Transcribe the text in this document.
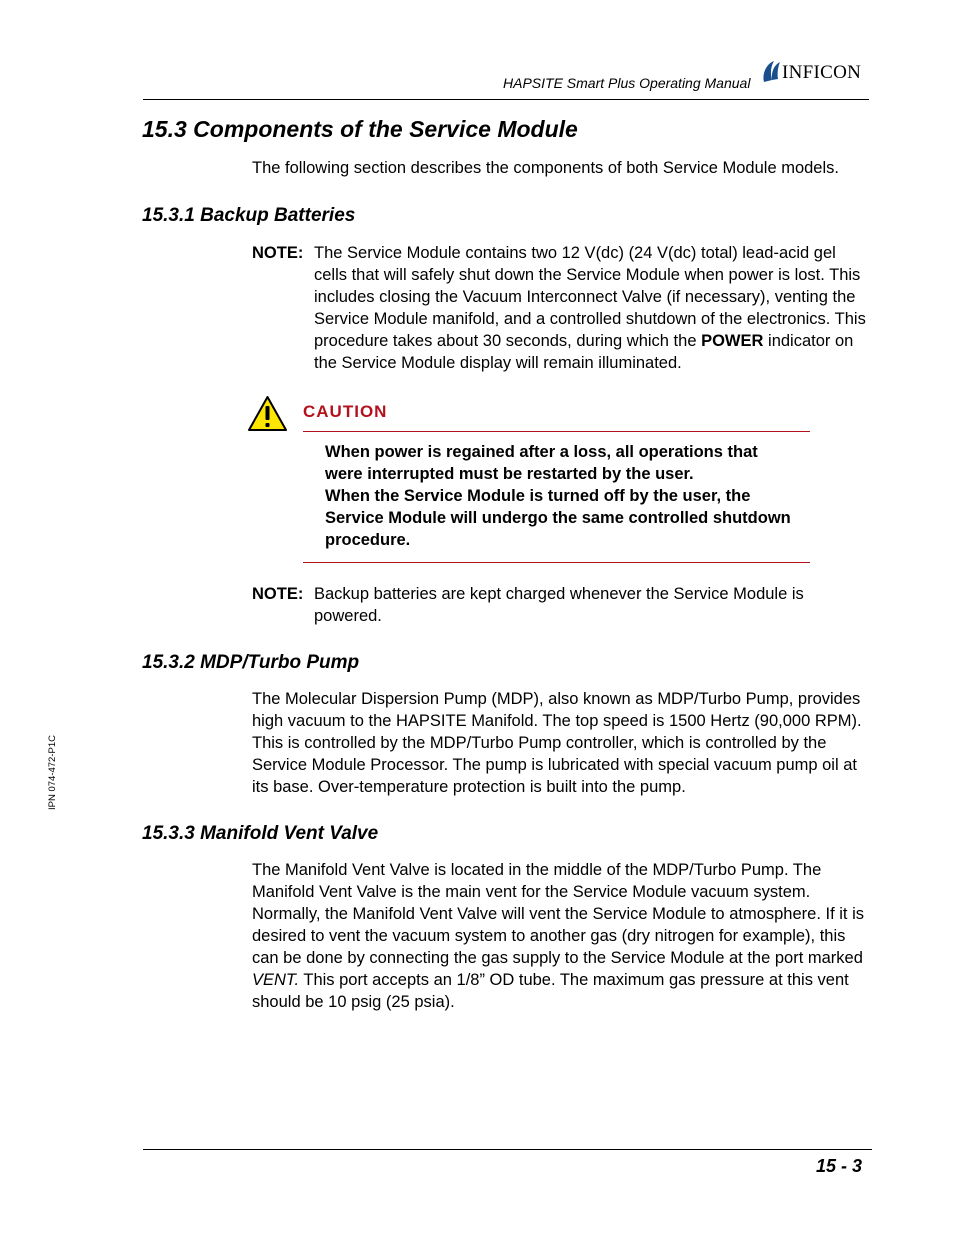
HAPSITE Smart Plus Operating Manual INFICON
15.3 Components of the Service Module

The following section describes the components of both Service Module models.

15.3.1 Backup Batteries
NOTE: The Service Module contains two 12 V(dc) (24 V(dc) total) lead-acid gel cells that will safely shut down the Service Module when power is lost. This includes closing the Vacuum Interconnect Valve (if necessary), venting the Service Module manifold, and a controlled shutdown of the electronics. This procedure takes about 30 seconds, during which the POWER indicator on the Service Module display will remain illuminated.
CAUTION

When power is regained after a loss, all operations that were interrupted must be restarted by the user.

When the Service Module is turned off by the user, the Service Module will undergo the same controlled shutdown procedure.

NOTE: Backup batteries are kept charged whenever the Service Module is powered.
15.3.2 MDP/Turbo Pump

The Molecular Dispersion Pump (MDP), also known as MDP/Turbo Pump, provides high vacuum to the HAPSITE Manifold. The top speed is 1500 Hertz (90,000 RPM). This is controlled by the MDP/Turbo Pump controller, which is controlled by the Service Module Processor. The pump is lubricated with special vacuum pump oil at its base. Over-temperature protection is built into the pump.

15.3.3 Manifold Vent Valve

The Manifold Vent Valve is located in the middle of the MDP/Turbo Pump. The Manifold Vent Valve is the main vent for the Service Module vacuum system. Normally, the Manifold Vent Valve will vent the Service Module to atmosphere. If it is desired to vent the vacuum system to another gas (dry nitrogen for example), this can be done by connecting the gas supply to the Service Module at the port marked VENT. This port accepts an 1/8” OD tube. The maximum gas pressure at this vent should be 10 psig (25 psia).

IPN 074-472-P1C
15 - 3
